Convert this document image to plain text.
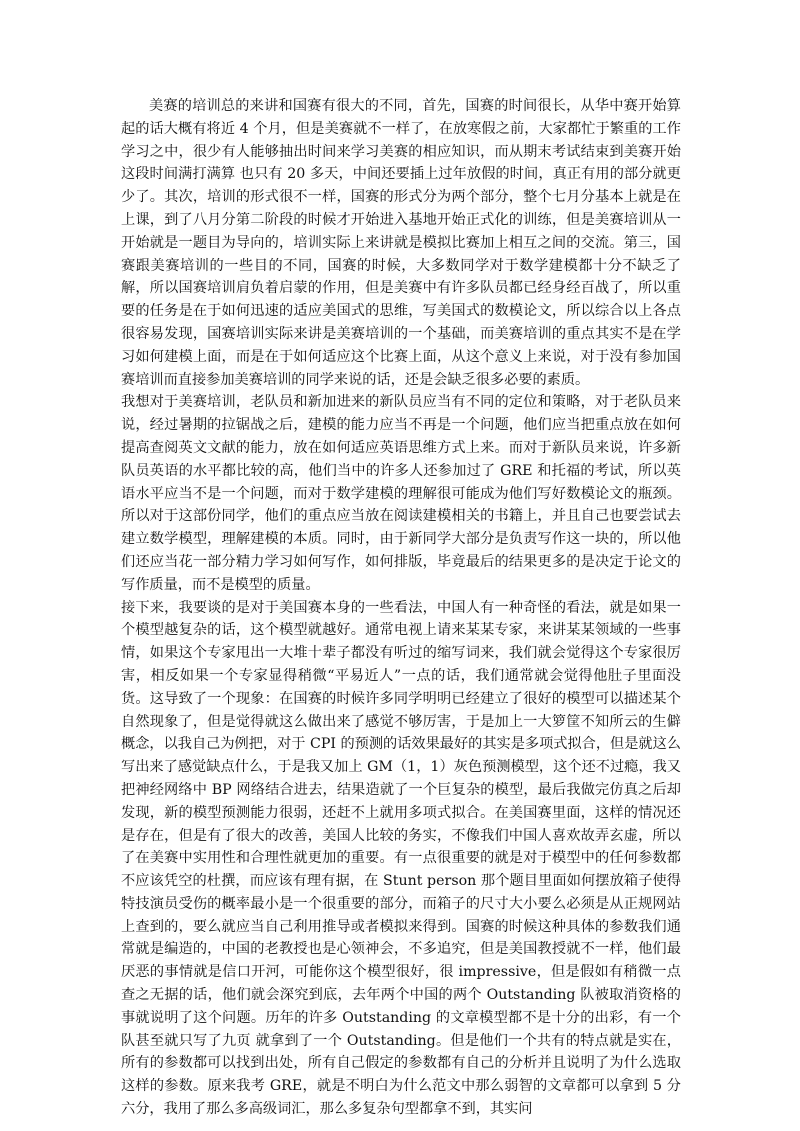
美赛的培训总的来讲和国赛有很大的不同，首先，国赛的时间很长，从华中赛开始算起的话大概有将近 4 个月，但是美赛就不一样了，在放寒假之前，大家都忙于繁重的工作学习之中，很少有人能够抽出时间来学习美赛的相应知识，而从期末考试结束到美赛开始这段时间满打满算 也只有 20 多天，中间还要插上过年放假的时间，真正有用的部分就更少了。其次，培训的形式很不一样，国赛的形式分为两个部分，整个七月分基本上就是在上课，到了八月分第二阶段的时候才开始进入基地开始正式化的训练，但是美赛培训从一开始就是一题目为导向的，培训实际上来讲就是模拟比赛加上相互之间的交流。第三，国赛跟美赛培训的一些目的不同，国赛的时候，大多数同学对于数学建模都十分不缺乏了解，所以国赛培训肩负着启蒙的作用，但是美赛中有许多队员都已经身经百战了，所以重要的任务是在于如何迅速的适应美国式的思维，写美国式的数模论文，所以综合以上各点很容易发现，国赛培训实际来讲是美赛培训的一个基础，而美赛培训的重点其实不是在学习如何建模上面，而是在于如何适应这个比赛上面，从这个意义上来说，对于没有参加国赛培训而直接参加美赛培训的同学来说的话，还是会缺乏很多必要的素质。

我想对于美赛培训，老队员和新加进来的新队员应当有不同的定位和策略，对于老队员来说，经过暑期的拉锯战之后，建模的能力应当不再是一个问题，他们应当把重点放在如何提高查阅英文文献的能力，放在如何适应英语思维方式上来。而对于新队员来说，许多新队员英语的水平都比较的高，他们当中的许多人还参加过了 GRE 和托福的考试，所以英语水平应当不是一个问题，而对于数学建模的理解很可能成为他们写好数模论文的瓶颈。所以对于这部份同学，他们的重点应当放在阅读建模相关的书籍上，并且自己也要尝试去建立数学模型，理解建模的本质。同时，由于新同学大部分是负责写作这一块的，所以他们还应当花一部分精力学习如何写作，如何排版，毕竟最后的结果更多的是决定于论文的写作质量，而不是模型的质量。

接下来，我要谈的是对于美国赛本身的一些看法，中国人有一种奇怪的看法，就是如果一个模型越复杂的话，这个模型就越好。通常电视上请来某某专家，来讲某某领域的一些事情，如果这个专家甩出一大堆十辈子都没有听过的缩写词来，我们就会觉得这个专家很厉害，相反如果一个专家显得稍微“平易近人”一点的话，我们通常就会觉得他肚子里面没货。这导致了一个现象：在国赛的时候许多同学明明已经建立了很好的模型可以描述某个自然现象了，但是觉得就这么做出来了感觉不够厉害，于是加上一大箩筐不知所云的生僻概念，以我自己为例把，对于 CPI 的预测的话效果最好的其实是多项式拟合，但是就这么写出来了感觉缺点什么，于是我又加上 GM（1，1）灰色预测模型，这个还不过瘾，我又把神经网络中 BP 网络结合进去，结果造就了一个巨复杂的模型，最后我做完仿真之后却发现，新的模型预测能力很弱，还赶不上就用多项式拟合。在美国赛里面，这样的情况还是存在，但是有了很大的改善，美国人比较的务实，不像我们中国人喜欢故弄玄虚，所以了在美赛中实用性和合理性就更加的重要。有一点很重要的就是对于模型中的任何参数都不应该凭空的杜撰，而应该有理有据，在 Stunt person 那个题目里面如何摆放箱子使得特技演员受伤的概率最小是一个很重要的部分，而箱子的尺寸大小要么必须是从正规网站上查到的，要么就应当自己利用推导或者模拟来得到。国赛的时候这种具体的参数我们通常就是编造的，中国的老教授也是心领神会，不多追究，但是美国教授就不一样，他们最厌恶的事情就是信口开河，可能你这个模型很好，很 impressive，但是假如有稍微一点查之无据的话，他们就会深究到底，去年两个中国的两个 Outstanding 队被取消资格的事就说明了这个问题。历年的许多 Outstanding 的文章模型都不是十分的出彩，有一个队甚至就只写了九页 就拿到了一个 Outstanding。但是他们一个共有的特点就是实在，所有的参数都可以找到出处，所有自己假定的参数都有自己的分析并且说明了为什么选取这样的参数。原来我考 GRE，就是不明白为什么范文中那么弱智的文章都可以拿到 5 分六分，我用了那么多高级词汇，那么多复杂句型都拿不到，其实问
